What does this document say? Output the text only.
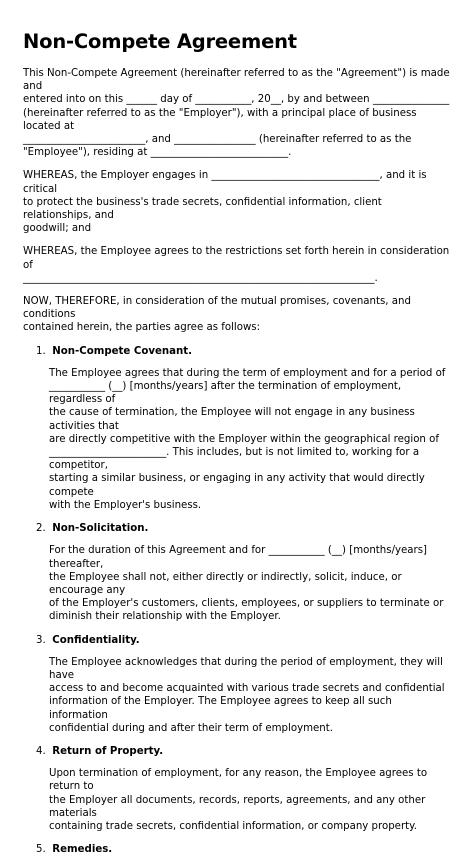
Non-Compete Agreement

This Non-Compete Agreement (hereinafter referred to as the "Agreement") is made and
entered into on this ______ day of ___________, 20__, by and between _______________
(hereinafter referred to as the "Employer"), with a principal place of business located at
________________________, and ________________ (hereinafter referred to as the
"Employee"), residing at ___________________________.

WHEREAS, the Employer engages in _________________________________, and it is critical
to protect the business's trade secrets, confidential information, client relationships, and
goodwill; and

WHEREAS, the Employee agrees to the restrictions set forth herein in consideration of
_____________________________________________________________________.

NOW, THEREFORE, in consideration of the mutual promises, covenants, and conditions
contained herein, the parties agree as follows:

1. Non-Compete Covenant.

The Employee agrees that during the term of employment and for a period of
___________ (__) [months/years] after the termination of employment, regardless of
the cause of termination, the Employee will not engage in any business activities that
are directly competitive with the Employer within the geographical region of
_______________________. This includes, but is not limited to, working for a competitor,
starting a similar business, or engaging in any activity that would directly compete
with the Employer's business.

2. Non-Solicitation.

For the duration of this Agreement and for ___________ (__) [months/years] thereafter,
the Employee shall not, either directly or indirectly, solicit, induce, or encourage any
of the Employer's customers, clients, employees, or suppliers to terminate or
diminish their relationship with the Employer.

3. Confidentiality.

The Employee acknowledges that during the period of employment, they will have
access to and become acquainted with various trade secrets and confidential
information of the Employer. The Employee agrees to keep all such information
confidential during and after their term of employment.

4. Return of Property.

Upon termination of employment, for any reason, the Employee agrees to return to
the Employer all documents, records, reports, agreements, and any other materials
containing trade secrets, confidential information, or company property.

5. Remedies.
